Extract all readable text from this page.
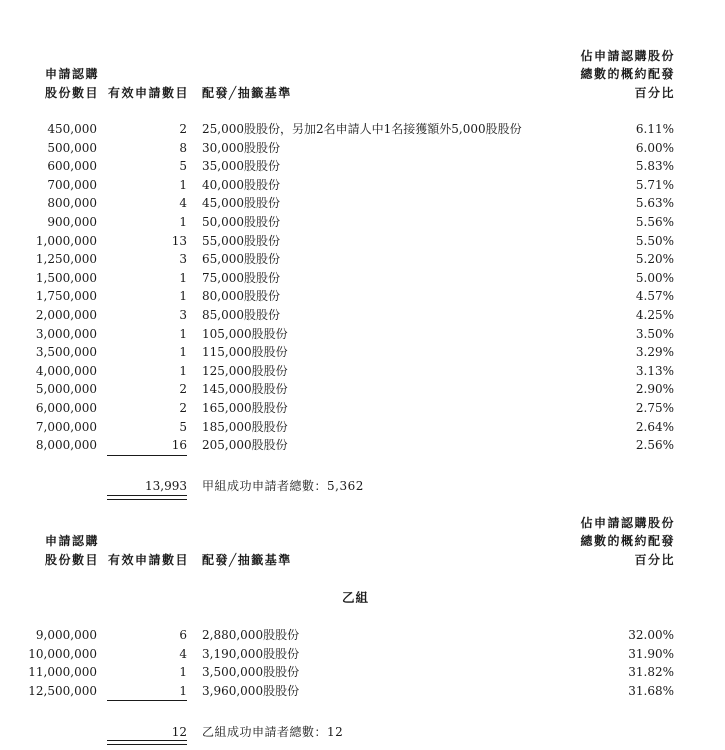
申請認購
股份數目 有效申請數目 配發╱抽籤基準
佔申請認購股份
總數的概約配發
百分比
450,000	2 25,000股股份，另加2名申請人中1名接獲額外5,000股股份	6.11%
500,000	8 30,000股股份	6.00%
600,000	5 35,000股股份	5.83%
700,000	1 40,000股股份	5.71%
800,000	4 45,000股股份	5.63%
900,000	1 50,000股股份	5.56%
1,000,000	13 55,000股股份	5.50%
1,250,000	3 65,000股股份	5.20%
1,500,000	1 75,000股股份	5.00%
1,750,000	1 80,000股股份	4.57%
2,000,000	3 85,000股股份	4.25%
3,000,000	1 105,000股股份	3.50%
3,500,000	1 115,000股股份	3.29%
4,000,000	1 125,000股股份	3.13%
5,000,000	2 145,000股股份	2.90%
6,000,000	2 165,000股股份	2.75%
7,000,000	5 185,000股股份	2.64%
8,000,000	16 205,000股股份	2.56%
13,993 甲組成功申請者總數：5,362
申請認購
股份數目 有效申請數目 配發╱抽籤基準
佔申請認購股份
總數的概約配發
百分比
乙組
9,000,000	6 2,880,000股股份	32.00%
10,000,000	4 3,190,000股股份	31.90%
11,000,000	1 3,500,000股股份	31.82%
12,500,000	1 3,960,000股股份	31.68%
12 乙組成功申請者總數：12
